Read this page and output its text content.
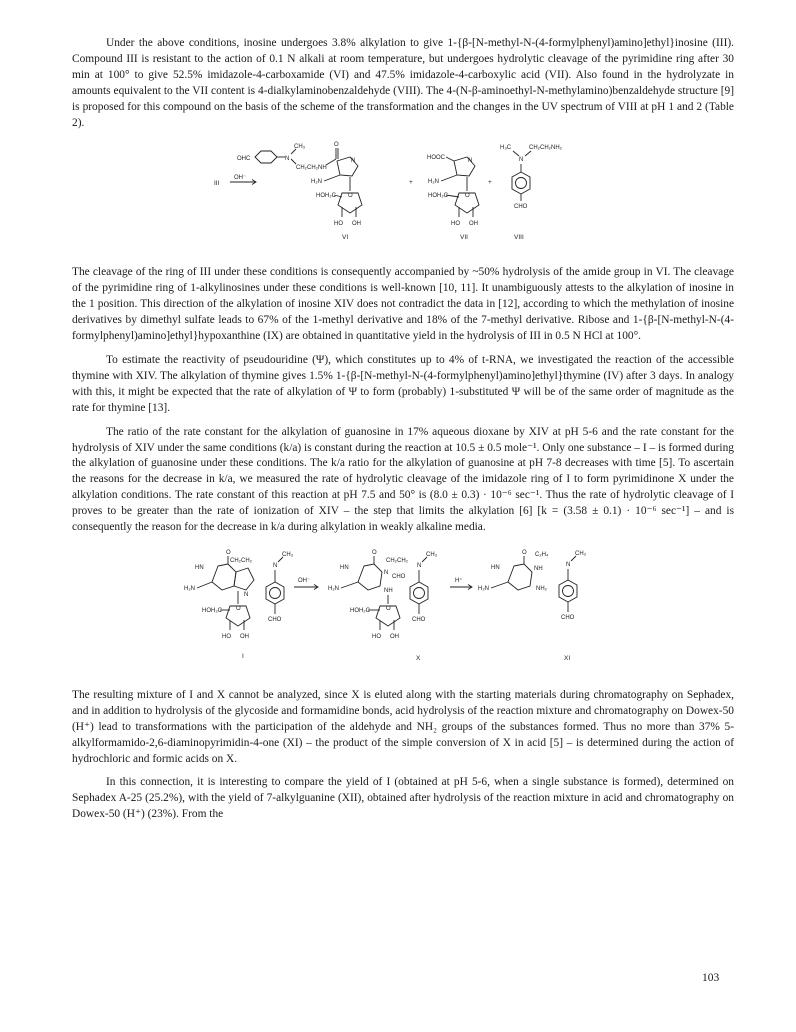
Under the above conditions, inosine undergoes 3.8% alkylation to give 1-{β-[N-methyl-N-(4-formylphenyl)amino]ethyl}inosine (III). Compound III is resistant to the action of 0.1 N alkali at room temperature, but undergoes hydrolytic cleavage of the pyrimidine ring after 30 min at 100° to give 52.5% imidazole-4-carboxamide (VI) and 47.5% imidazole-4-carboxylic acid (VII). Also found in the hydrolyzate in amounts equivalent to the VII content is 4-dialkylaminobenzaldehyde (VIII). The 4-(N-β-aminoethyl-N-methylamino)benzaldehyde structure [9] is proposed for this compound on the basis of the scheme of the transformation and the changes in the UV spectrum of VIII at pH 1 and 2 (Table 2).

III
OH⁻
OHC	N
CH₃
CH₂CH₂NH
O
N
H₂N
O
HOH₂C
HO OH
VI
+
HOOC	N
H₂N
O
HOH₂C
HO OH
VII
+
H₃C
N
CH₂CH₂NH₂
CHO
VIII

The cleavage of the ring of III under these conditions is consequently accompanied by ~50% hydrolysis of the amide group in VI. The cleavage of the pyrimidine ring of 1-alkylinosines under these conditions is well-known [10, 11]. It unambiguously attests to the alkylation of inosine in the 1 position. This direction of the alkylation of inosine XIV does not contradict the data in [12], according to which the methylation of inosine derivatives by dimethyl sulfate leads to 67% of the 1-methyl derivative and 18% of the 7-methyl derivative. Ribose and 1-{β-[N-methyl-N-(4-formylphenyl)amino]ethyl}hypoxanthine (IX) are obtained in quantitative yield in the hydrolysis of III in 0.5 N HCl at 100°.

To estimate the reactivity of pseudouridine (Ψ), which constitutes up to 4% of t-RNA, we investigated the reaction of the accessible thymine with XIV. The alkylation of thymine gives 1.5% 1-{β-[N-methyl-N-(4-formylphenyl)amino]ethyl}thymine (IV) after 3 days. In analogy with this, it might be expected that the rate of alkylation of Ψ to form (probably) 1-substituted Ψ will be of the same order of magnitude as the rate for thymine [13].

The ratio of the rate constant for the alkylation of guanosine in 17% aqueous dioxane by XIV at pH 5-6 and the rate constant for the hydrolysis of XIV under the same conditions (k/a) is constant during the reaction at 10.5 ± 0.5 mole⁻¹. Only one substance – I – is formed during the alkylation of guanosine under these conditions. The k/a ratio for the alkylation of guanosine at pH 7-8 decreases with time [5]. To ascertain the reasons for the decrease in k/a, we measured the rate of hydrolytic cleavage of the imidazole ring of I to form pyrimidinone X under the alkylation conditions. The rate constant of this reaction at pH 7.5 and 50° is (8.0 ± 0.3) · 10⁻⁶ sec⁻¹. Thus the rate of hydrolytic cleavage of I proves to be greater than the rate of ionization of XIV – the step that limits the alkylation [6] [k = (3.58 ± 0.1) · 10⁻⁶ sec⁻¹] – and is consequently the reason for the decrease in k/a during alkylation in weakly alkaline media.

O
HN
H₂N
N
CH₂CH₂
N
CH₃
CHO
O
HOH₂C
HO OH
I
OH⁻
O
HN
H₂N
CH₂CH₂
N
CHO
NH
N
CH₃
CHO
O
HOH₂C
HO OH
X
H⁺
O
HN
H₂N
C₂H₄
NH
NH₂
N
CH₃
CHO
XI

The resulting mixture of I and X cannot be analyzed, since X is eluted along with the starting materials during chromatography on Sephadex, and in addition to hydrolysis of the glycoside and formamidine bonds, acid hydrolysis of the reaction mixture and chromatography on Dowex-50 (H⁺) lead to transformations with the participation of the aldehyde and NH₂ groups of the substances formed. Thus no more than 37% 5-alkylformamido-2,6-diaminopyrimidin-4-one (XI) – the product of the simple conversion of X in acid [5] – is determined during the action of hydrochloric and formic acids on X.

In this connection, it is interesting to compare the yield of I (obtained at pH 5-6, when a single substance is formed), determined on Sephadex A-25 (25.2%), with the yield of 7-alkylguanine (XII), obtained after hydrolysis of the reaction mixture in acid and chromatography on Dowex-50 (H⁺) (23%). From the

103
